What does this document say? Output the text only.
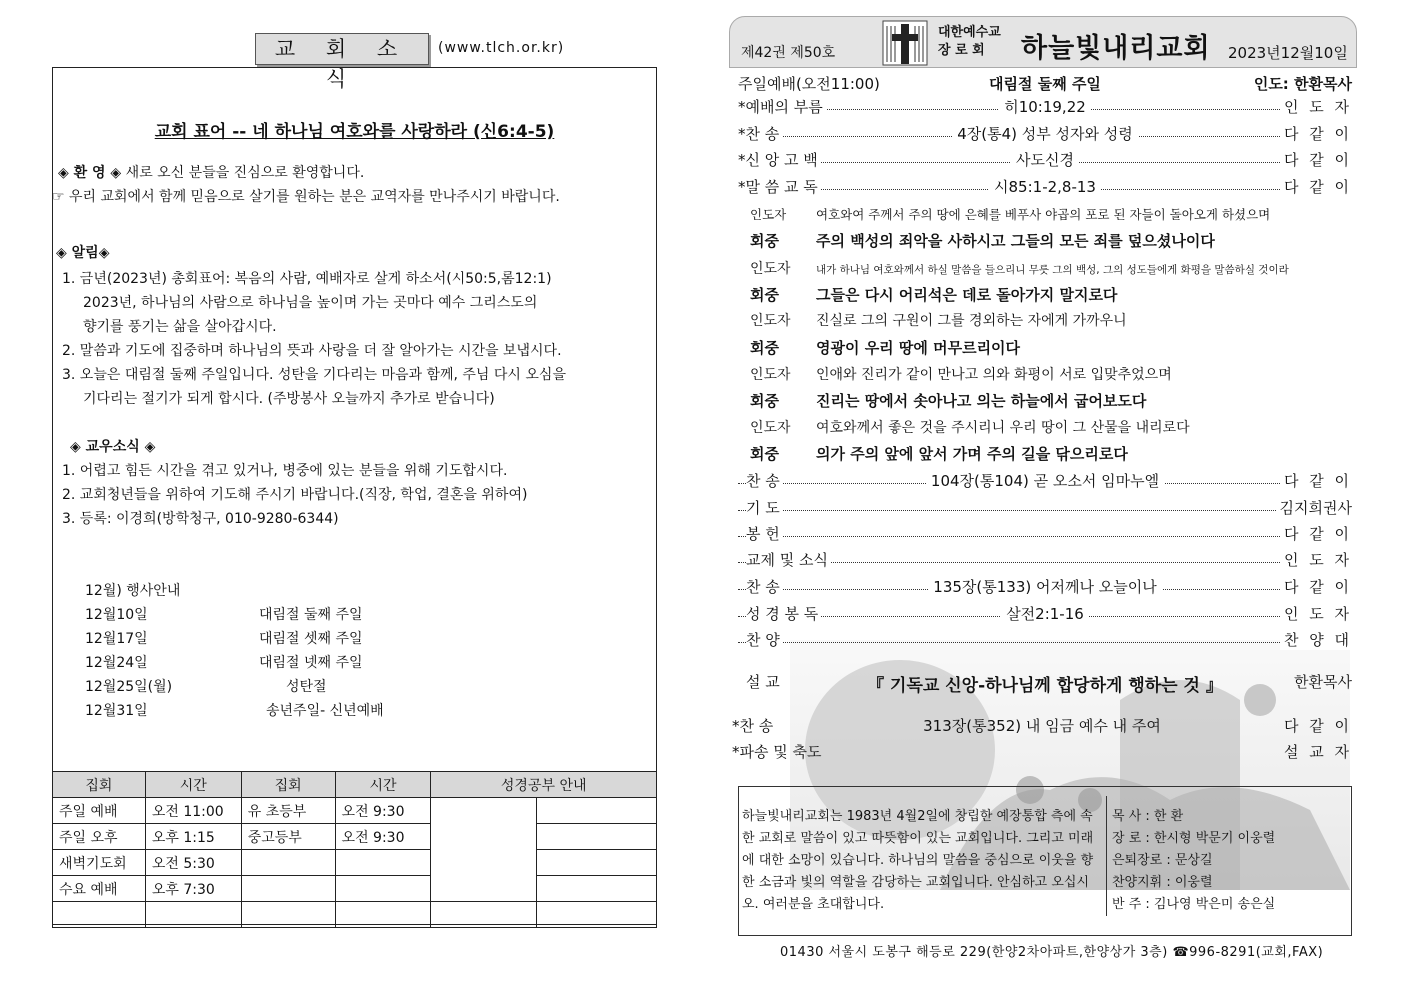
교 회 소 식
(www.tlch.or.kr)
교회 표어 -- 네 하나님 여호와를 사랑하라 (신6:4-5)
◈ 환 영 ◈ 새로 오신 분들을 진심으로 환영합니다.
☞ 우리 교회에서 함께 믿음으로 살기를 원하는 분은 교역자를 만나주시기 바랍니다.
◈ 알림◈
1. 금년(2023년) 총회표어: 복음의 사람, 예배자로 살게 하소서(시50:5,롬12:1)
2023년, 하나님의 사람으로 하나님을 높이며 가는 곳마다 예수 그리스도의
향기를 풍기는 삶을 살아갑시다.
2. 말씀과 기도에 집중하며 하나님의 뜻과 사랑을 더 잘 알아가는 시간을 보냅시다.
3. 오늘은 대림절 둘째 주일입니다. 성탄을 기다리는 마음과 함께, 주님 다시 오심을
기다리는 절기가 되게 합시다. (주방봉사 오늘까지 추가로 받습니다)
◈ 교우소식 ◈
1. 어렵고 힘든 시간을 겪고 있거나, 병중에 있는 분들을 위해 기도합시다.
2. 교회청년들을 위하여 기도해 주시기 바랍니다.(직장, 학업, 결혼을 위하여)
3. 등록: 이경희(방학청구, 010-9280-6344)
12월) 행사안내
12월10일	대림절 둘째 주일
12월17일	대림절 셋째 주일
12월24일	대림절 넷째 주일
12월25일(월)	성탄절
12월31일	송년주일- 신년예배
집회	시간	집회	시간	성경공부 안내	
주일 예배	오전 11:00	유 초등부	오전 9:30		
주일 오후	오후 1:15	중고등부	오전 9:30		
새벽기도회	오전 5:30				
수요 예배	오후 7:30				

제42권 제50호
대한예수교
장 로 회	하늘빛내리교회 2023년12월10일
주일예배(오전11:00)	대림절 둘째 주일	인도: 한환목사
*예배의 부름	히10:19,22	인 도 자
*찬 송	4장(통4) 성부 성자와 성령	다 같 이
*신 앙 고 백	사도신경	다 같 이
*말 씀 교 독	시85:1-2,8-13	다 같 이
인도자 여호와여 주께서 주의 땅에 은혜를 베푸사 야곱의 포로 된 자들이 돌아오게 하셨으며
회중 주의 백성의 죄악을 사하시고 그들의 모든 죄를 덮으셨나이다
인도자 내가 하나님 여호와께서 하실 말씀을 들으리니 무릇 그의 백성, 그의 성도들에게 화평을 말씀하실 것이라
회중 그들은 다시 어리석은 데로 돌아가지 말지로다
인도자 진실로 그의 구원이 그를 경외하는 자에게 가까우니
회중 영광이 우리 땅에 머무르리이다
인도자 인애와 진리가 같이 만나고 의와 화평이 서로 입맞추었으며
회중 진리는 땅에서 솟아나고 의는 하늘에서 굽어보도다
인도자 여호와께서 좋은 것을 주시리니 우리 땅이 그 산물을 내리로다
회중 의가 주의 앞에 앞서 가며 주의 길을 닦으리로다
찬 송	104장(통104) 곧 오소서 임마누엘	다 같 이
기 도	김지희권사
봉 헌	다 같 이
교제 및 소식	인 도 자
찬 송	135장(통133) 어저께나 오늘이나	다 같 이
성 경 봉 독	살전2:1-16	인 도 자
찬 양	찬 양 대
설 교	『 기독교 신앙-하나님께 합당하게 행하는 것 』	한환목사
*찬 송	313장(통352) 내 임금 예수 내 주여	다 같 이
*파송 및 축도	설 교 자
하늘빛내리교회는 1983년 4월2일에 창립한 예장통합 측에 속한 교회로 말씀이 있고 따뜻함이 있는 교회입니다. 그리고 미래에 대한 소망이 있습니다. 하나님의 말씀을 중심으로 이웃을 향한 소금과 빛의 역할을 감당하는 교회입니다. 안심하고 오십시오. 여러분을 초대합니다.
목 사 : 한 환
장 로 : 한시형 박문기 이웅렬
은퇴장로 : 문상길
찬양지휘 : 이웅렬
반 주 : 김나영 박은미 송은실
01430 서울시 도봉구 해등로 229(한양2차아파트,한양상가 3층) ☎996-8291(교회,FAX)
